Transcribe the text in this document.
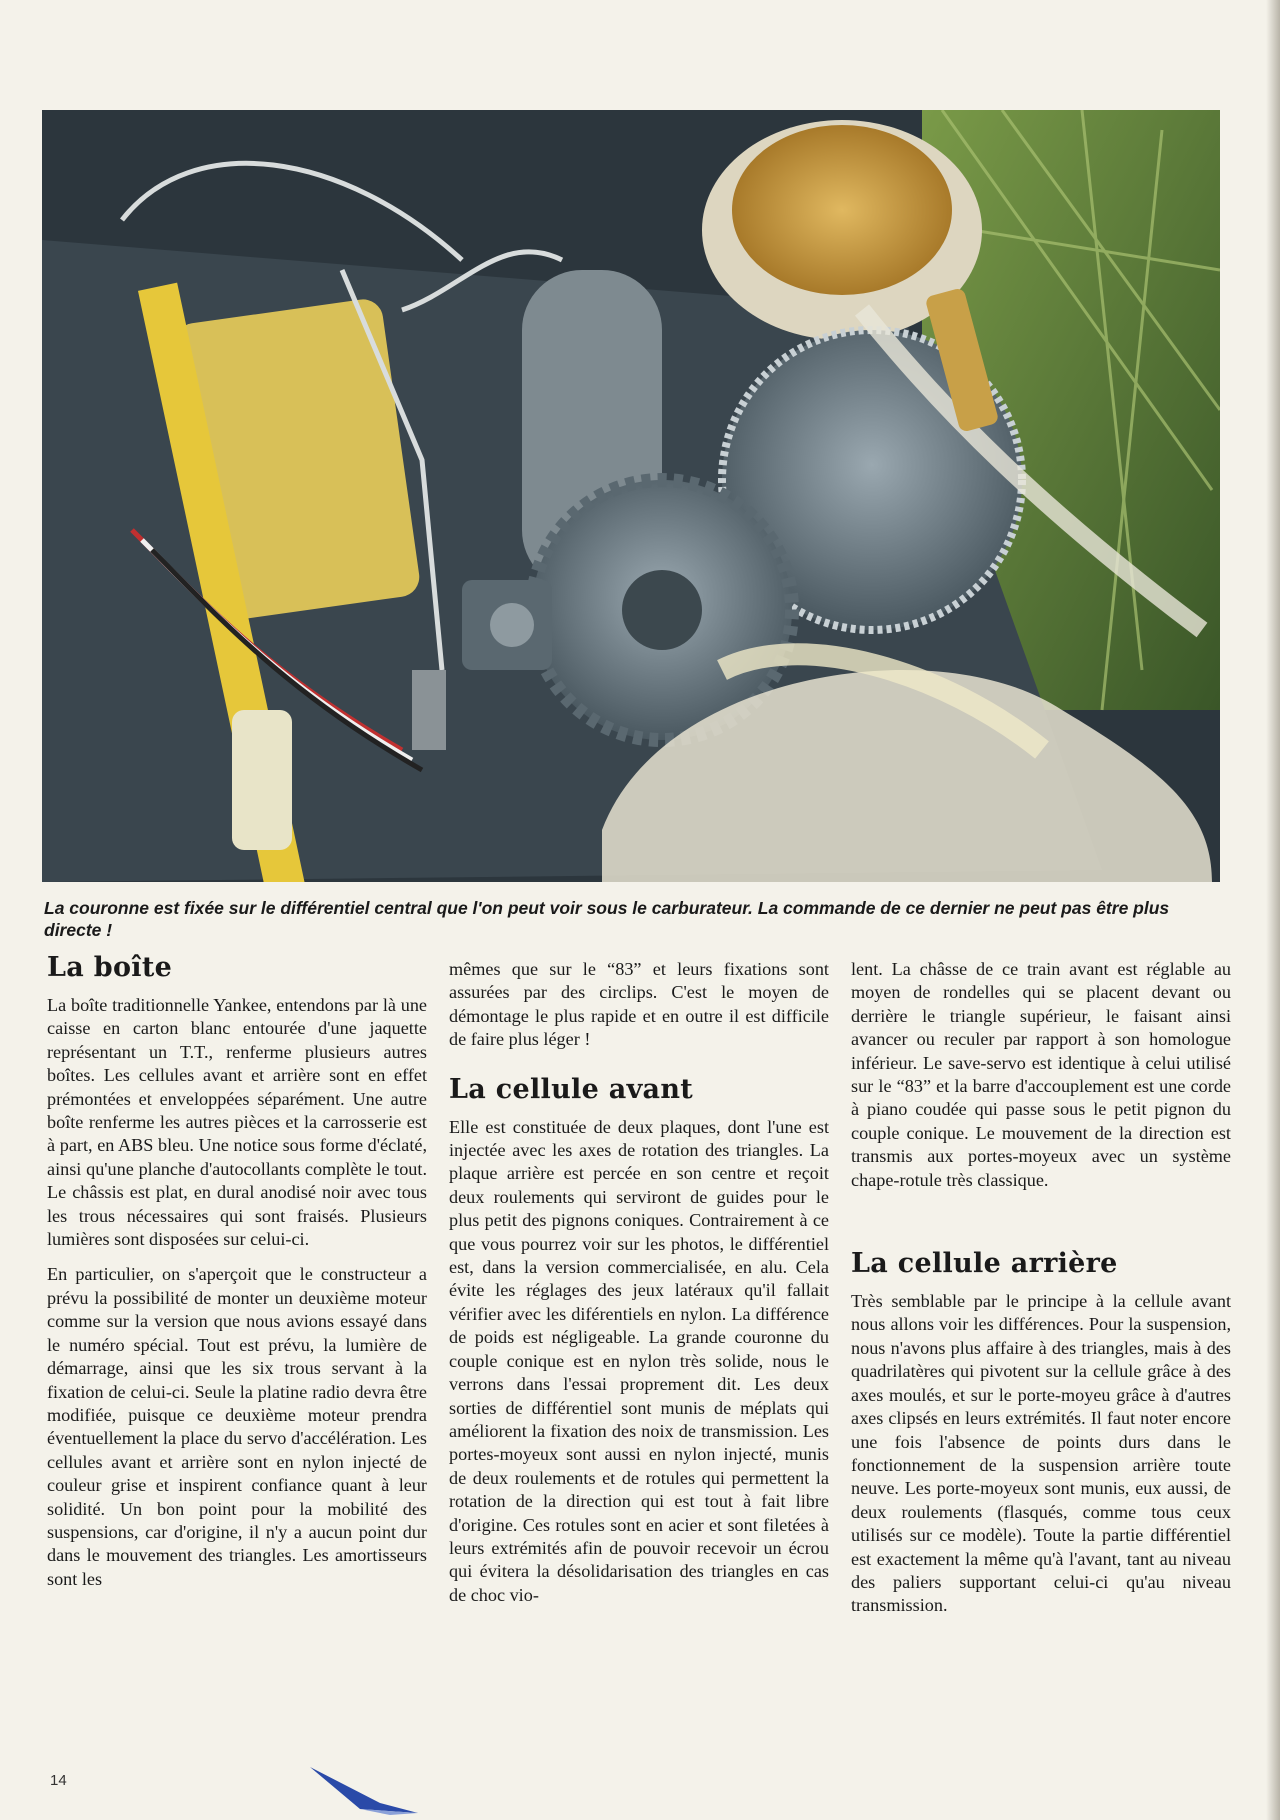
La couronne est fixée sur le différentiel central que l'on peut voir sous le carburateur. La commande de ce dernier ne peut pas être plus directe !
La boîte

La boîte traditionnelle Yankee, entendons par là une caisse en carton blanc entourée d'une jaquette représentant un T.T., renferme plusieurs autres boîtes. Les cellules avant et arrière sont en effet prémontées et enveloppées séparément. Une autre boîte renferme les autres pièces et la carrosserie est à part, en ABS bleu. Une notice sous forme d'éclaté, ainsi qu'une planche d'autocollants complète le tout. Le châssis est plat, en dural anodisé noir avec tous les trous nécessaires qui sont fraisés. Plusieurs lumières sont disposées sur celui-ci.

En particulier, on s'aperçoit que le constructeur a prévu la possibilité de monter un deuxième moteur comme sur la version que nous avions essayé dans le numéro spécial. Tout est prévu, la lumière de démarrage, ainsi que les six trous servant à la fixation de celui-ci. Seule la platine radio devra être modifiée, puisque ce deuxième moteur prendra éventuellement la place du servo d'accélération. Les cellules avant et arrière sont en nylon injecté de couleur grise et inspirent confiance quant à leur solidité. Un bon point pour la mobilité des suspensions, car d'origine, il n'y a aucun point dur dans le mouvement des triangles. Les amortisseurs sont les

mêmes que sur le “83” et leurs fixations sont assurées par des circlips. C'est le moyen de démontage le plus rapide et en outre il est difficile de faire plus léger !

La cellule avant

Elle est constituée de deux plaques, dont l'une est injectée avec les axes de rotation des triangles. La plaque arrière est percée en son centre et reçoit deux roulements qui serviront de guides pour le plus petit des pignons coniques. Contrairement à ce que vous pourrez voir sur les photos, le différentiel est, dans la version commercialisée, en alu. Cela évite les réglages des jeux latéraux qu'il fallait vérifier avec les diférentiels en nylon. La différence de poids est négligeable. La grande couronne du couple conique est en nylon très solide, nous le verrons dans l'essai proprement dit. Les deux sorties de différentiel sont munis de méplats qui améliorent la fixation des noix de transmission. Les portes-moyeux sont aussi en nylon injecté, munis de deux roulements et de rotules qui permettent la rotation de la direction qui est tout à fait libre d'origine. Ces rotules sont en acier et sont filetées à leurs extrémités afin de pouvoir recevoir un écrou qui évitera la désolidarisation des triangles en cas de choc vio-

lent. La châsse de ce train avant est réglable au moyen de rondelles qui se placent devant ou derrière le triangle supérieur, le faisant ainsi avancer ou reculer par rapport à son homologue inférieur. Le save-servo est identique à celui utilisé sur le “83” et la barre d'accouplement est une corde à piano coudée qui passe sous le petit pignon du couple conique. Le mouvement de la direction est transmis aux portes-moyeux avec un système chape-rotule très classique.

La cellule arrière

Très semblable par le principe à la cellule avant nous allons voir les différences. Pour la suspension, nous n'avons plus affaire à des triangles, mais à des quadrilatères qui pivotent sur la cellule grâce à des axes moulés, et sur le porte-moyeu grâce à d'autres axes clipsés en leurs extrémités. Il faut noter encore une fois l'absence de points durs dans le fonctionnement de la suspension arrière toute neuve. Les porte-moyeux sont munis, eux aussi, de deux roulements (flasqués, comme tous ceux utilisés sur ce modèle). Toute la partie différentiel est exactement la même qu'à l'avant, tant au niveau des paliers supportant celui-ci qu'au niveau transmission.

14
